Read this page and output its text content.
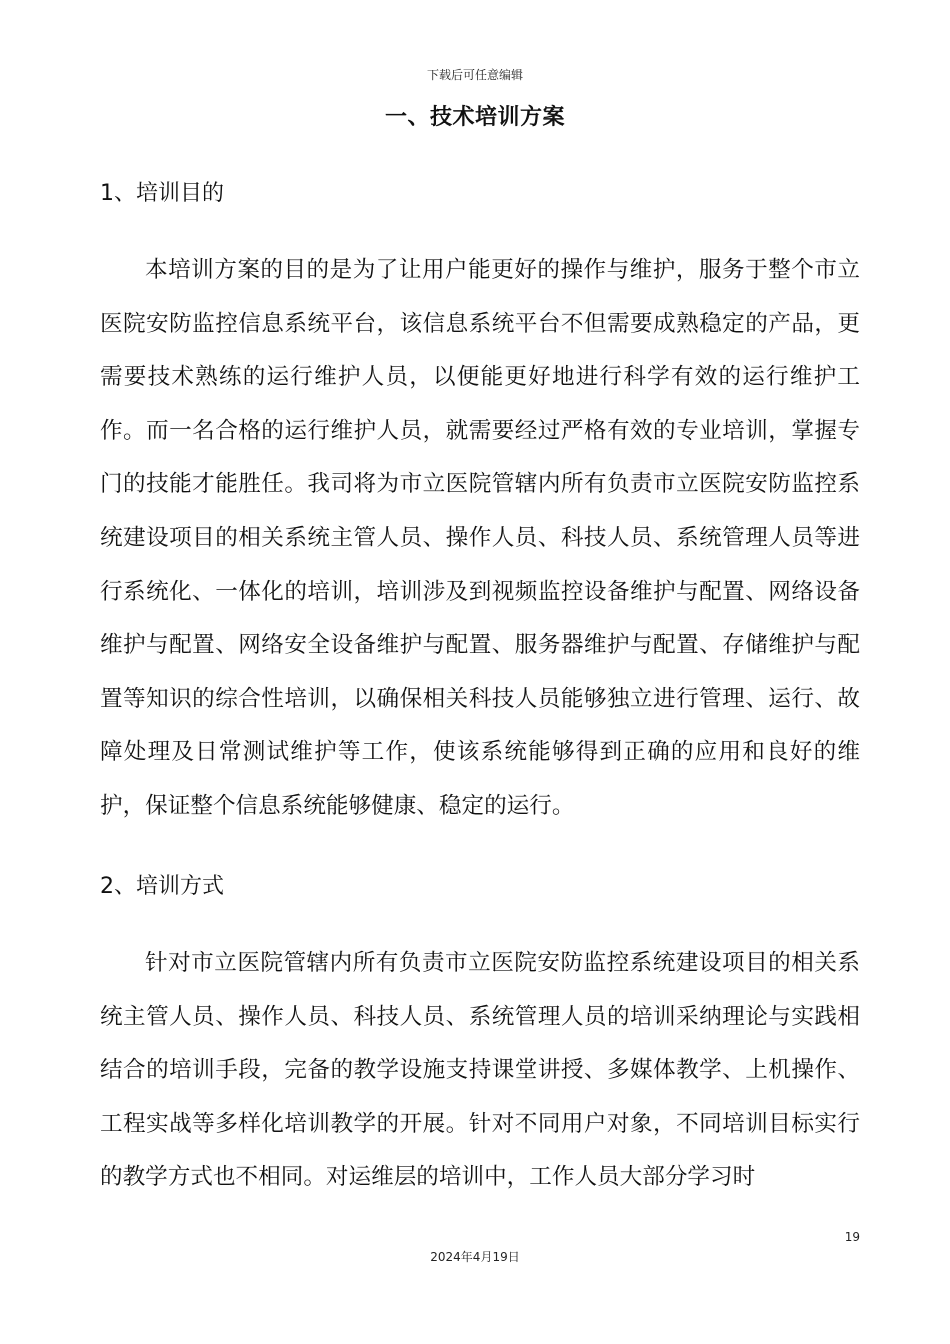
下载后可任意编辑
一、技术培训方案
1、培训目的

本培训方案的目的是为了让用户能更好的操作与维护，服务于整个市立医院安防监控信息系统平台，该信息系统平台不但需要成熟稳定的产品，更需要技术熟练的运行维护人员，以便能更好地进行科学有效的运行维护工作。而一名合格的运行维护人员，就需要经过严格有效的专业培训，掌握专门的技能才能胜任。我司将为市立医院管辖内所有负责市立医院安防监控系统建设项目的相关系统主管人员、操作人员、科技人员、系统管理人员等进行系统化、一体化的培训，培训涉及到视频监控设备维护与配置、网络设备维护与配置、网络安全设备维护与配置、服务器维护与配置、存储维护与配置等知识的综合性培训，以确保相关科技人员能够独立进行管理、运行、故障处理及日常测试维护等工作，使该系统能够得到正确的应用和良好的维护，保证整个信息系统能够健康、稳定的运行。

2、培训方式

针对市立医院管辖内所有负责市立医院安防监控系统建设项目的相关系统主管人员、操作人员、科技人员、系统管理人员的培训采纳理论与实践相结合的培训手段，完备的教学设施支持课堂讲授、多媒体教学、上机操作、工程实战等多样化培训教学的开展。针对不同用户对象，不同培训目标实行的教学方式也不相同。对运维层的培训中，工作人员大部分学习时

19
2024年4月19日
